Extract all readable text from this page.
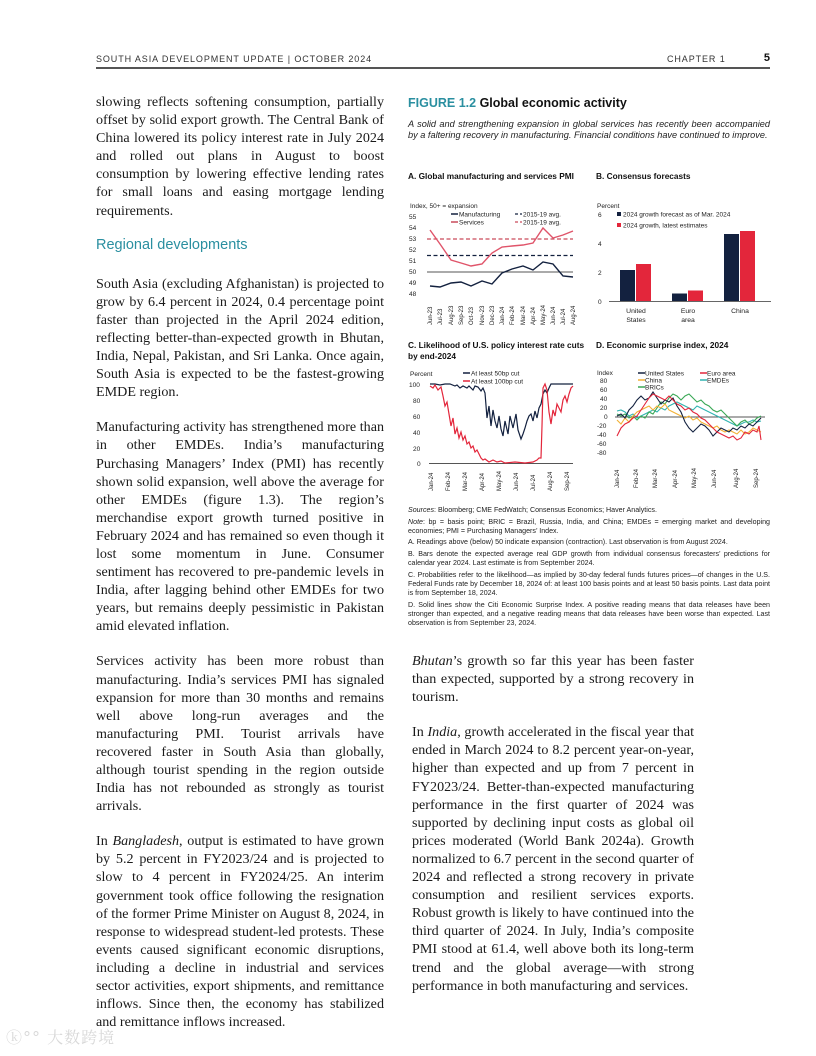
SOUTH ASIA DEVELOPMENT UPDATE | OCTOBER 2024	CHAPTER 1	5

slowing reflects softening consumption, partially offset by solid export growth. The Central Bank of China lowered its policy interest rate in July 2024 and rolled out plans in August to boost consumption by lowering effective lending rates for small loans and easing mortgage lending requirements.

Regional developments

South Asia (excluding Afghanistan) is projected to grow by 6.4 percent in 2024, 0.4 percentage point faster than projected in the April 2024 edition, reflecting better-than-expected growth in Bhutan, India, Nepal, Pakistan, and Sri Lanka. Once again, South Asia is expected to be the fastest-growing EMDE region.

Manufacturing activity has strengthened more than in other EMDEs. India’s manufacturing Purchasing Managers’ Index (PMI) has recently shown solid expansion, well above the average for other EMDEs (figure 1.3). The region’s merchandise export growth turned positive in February 2024 and has remained so even though it lost some momentum in June. Consumer sentiment has recovered to pre-pandemic levels in India, after lagging behind other EMDEs for two years, but remains deeply pessimistic in Pakistan amid elevated inflation.

Services activity has been more robust than manufacturing. India’s services PMI has signaled expansion for more than 30 months and remains well above long-run averages and the manufacturing PMI. Tourist arrivals have recovered faster in South Asia than globally, although tourist spending in the region outside India has not rebounded as strongly as tourist arrivals.

In Bangladesh, output is estimated to have grown by 5.2 percent in FY2023/24 and is projected to slow to 4 percent in FY2024/25. An interim government took office following the resignation of the former Prime Minister on August 8, 2024, in response to widespread student-led protests. These events caused significant economic disruptions, including a decline in industrial and services sector activities, export shipments, and remittance inflows. Since then, the economy has stabilized and remittance inflows increased.

FIGURE 1.2 Global economic activity
A solid and strengthening expansion in global services has recently been accompanied by a faltering recovery in manufacturing. Financial conditions have continued to improve.
A. Global manufacturing and services PMI	B. Consensus forecasts
C. Likelihood of U.S. policy interest rate cuts by end-2024
D. Economic surprise index, 2024
Index, 50+ = expansion
55
54
53
52
51
50
49
48
Manufacturing
Services
2015-19 avg.
2015-19 avg.
Jun-23 Jul-23 Aug-23 Sep-23 Oct-23 Nov-23 Dec-23 Jan-24 Feb-24 Mar-24 Apr-24 May-24 Jun-24 Jul-24 Aug-24
Percent
6
4
2
0
2024 growth forecast as of Mar. 2024
2024 growth, latest estimates
United
States
Euro
area
China
Percent
100
80
60
40
20
0
At least 50bp cut
At least 100bp cut
Jan-24 Feb-24 Mar-24 Apr-24 May-24 Jun-24 Jul-24 Aug-24 Sep-24
Index
80
60
40
20
0
-20
-40
-60
-80
United States	Euro area
China	EMDEs
BRICs
Jan-24 Feb-24 Mar-24 Apr-24 May-24 Jun-24	Aug-24 Sep-24
Sources: Bloomberg; CME FedWatch; Consensus Economics; Haver Analytics.
Note: bp = basis point; BRIC = Brazil, Russia, India, and China; EMDEs = emerging market and developing economies; PMI = Purchasing Managers’ Index.
A. Readings above (below) 50 indicate expansion (contraction). Last observation is from August 2024.
B. Bars denote the expected average real GDP growth from individual consensus forecasters’ predictions for calendar year 2024. Last estimate is from September 2024.
C. Probabilities refer to the likelihood—as implied by 30-day federal funds futures prices—of changes in the U.S. Federal Funds rate by December 18, 2024 of: at least 100 basis points and at least 50 basis points. Last data point is from September 18, 2024.
D. Solid lines show the Citi Economic Surprise Index. A positive reading means that data releases have been stronger than expected, and a negative reading means that data releases have been worse than expected. Last observation is from September 23, 2024.

Bhutan’s growth so far this year has been faster than expected, supported by a strong recovery in tourism.

In India, growth accelerated in the fiscal year that ended in March 2024 to 8.2 percent year-on-year, higher than expected and up from 7 percent in FY2023/24. Better-than-expected manufacturing performance in the first quarter of 2024 was supported by declining input costs as global oil prices moderated (World Bank 2024a). Growth normalized to 6.7 percent in the second quarter of 2024 and reflected a strong recovery in private consumption and resilient services exports. Robust growth is likely to have continued into the third quarter of 2024. In July, India’s composite PMI stood at 61.4, well above both its long-term trend and the global average—with strong performance in both manufacturing and services.

ⓚ°° 大数跨境
